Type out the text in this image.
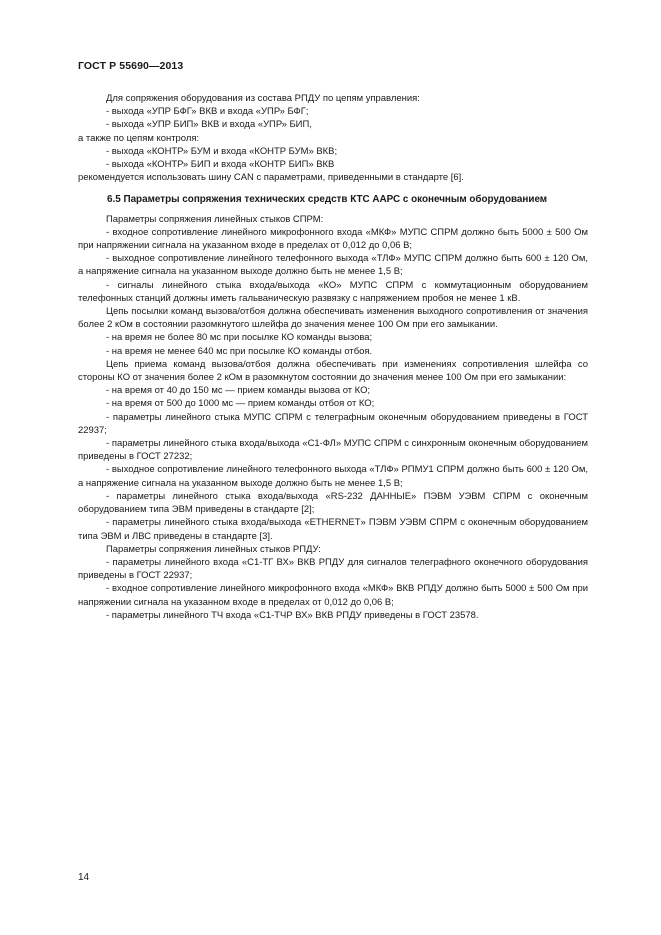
ГОСТ Р 55690—2013

Для сопряжения оборудования из состава РПДУ по цепям управления:

- выхода «УПР БФГ» ВКВ и входа «УПР» БФГ;

- выхода «УПР БИП» ВКВ и входа «УПР» БИП,

а также по цепям контроля:

- выхода «КОНТР» БУМ и входа «КОНТР БУМ» ВКВ;

- выхода «КОНТР» БИП и входа «КОНТР БИП» ВКВ

рекомендуется использовать шину CAN с параметрами, приведенными в стандарте [6].

6.5 Параметры сопряжения технических средств КТС ААРС с оконечным оборудованием

Параметры сопряжения линейных стыков СПРМ:

- входное сопротивление линейного микрофонного входа «МКФ» МУПС СПРМ должно быть 5000 ± 500 Ом при напряжении сигнала на указанном входе в пределах от 0,012 до 0,06 В;

- выходное сопротивление линейного телефонного выхода «ТЛФ» МУПС СПРМ должно быть 600 ± 120 Ом, а напряжение сигнала на указанном выходе должно быть не менее 1,5 В;

- сигналы линейного стыка входа/выхода «КО» МУПС СПРМ с коммутационным оборудованием телефонных станций должны иметь гальваническую развязку с напряжением пробоя не менее 1 кВ.

Цепь посылки команд вызова/отбоя должна обеспечивать изменения выходного сопротивления от значения более 2 кОм в состоянии разомкнутого шлейфа до значения менее 100 Ом при его замыкании.

- на время не более 80 мс при посылке КО команды вызова;

- на время не менее 640 мс при посылке КО команды отбоя.

Цепь приема команд вызова/отбоя должна обеспечивать при изменениях сопротивления шлейфа со стороны КО от значения более 2 кОм в разомкнутом состоянии до значения менее 100 Ом при его замыкании:

- на время от 40 до 150 мс — прием команды вызова от КО;

- на время от 500 до 1000 мс — прием команды отбоя от КО;

- параметры линейного стыка МУПС СПРМ с телеграфным оконечным оборудованием приведены в ГОСТ 22937;

- параметры линейного стыка входа/выхода «С1-ФЛ» МУПС СПРМ с синхронным оконечным оборудованием приведены в ГОСТ 27232;

- выходное сопротивление линейного телефонного выхода «ТЛФ» РПМУ1 СПРМ должно быть 600 ± 120 Ом, а напряжение сигнала на указанном выходе должно быть не менее 1,5 В;

- параметры линейного стыка входа/выхода «RS-232 ДАННЫЕ» ПЭВМ УЭВМ СПРМ с оконечным оборудованием типа ЭВМ приведены в стандарте [2];

- параметры линейного стыка входа/выхода «ETHERNET» ПЭВМ УЭВМ СПРМ с оконечным оборудованием типа ЭВМ и ЛВС приведены в стандарте [3].

Параметры сопряжения линейных стыков РПДУ:

- параметры линейного входа «С1-ТГ ВХ» ВКВ РПДУ для сигналов телеграфного оконечного оборудования приведены в ГОСТ 22937;

- входное сопротивление линейного микрофонного входа «МКФ» ВКВ РПДУ должно быть 5000 ± 500 Ом при напряжении сигнала на указанном входе в пределах от 0,012 до 0,06 В;

- параметры линейного ТЧ входа «С1-ТЧР ВХ» ВКВ РПДУ приведены в ГОСТ 23578.

14
